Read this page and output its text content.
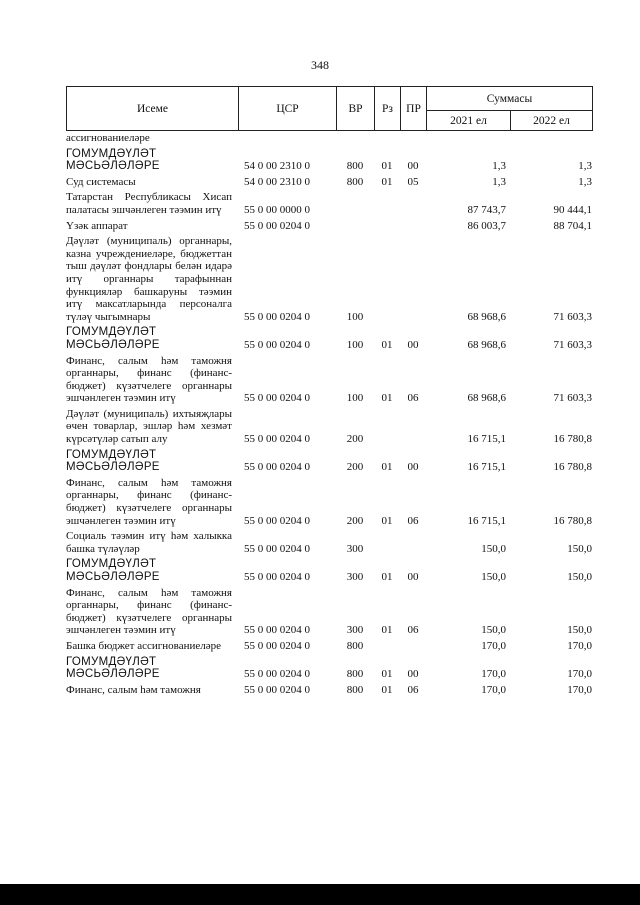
348
Исеме	ЦСР	ВР	Рз	ПР	Суммасы	
					2021 ел	2022 ел
ассигнованиеләре						
ГОМУМДӘҮЛӘТ МӘСЬӘЛӘЛӘРЕ	54 0 00 2310 0	800	01	00	1,3	1,3
Суд системасы	54 0 00 2310 0	800	01	05	1,3	1,3
Татарстан Республикасы Хисап палатасы эшчәнлеген тәэмин итү	55 0 00 0000 0				87 743,7	90 444,1
Үзәк аппарат	55 0 00 0204 0				86 003,7	88 704,1
Дәүләт (муниципаль) органнары, казна учреждениеләре, бюджеттан тыш дәүләт фондлары белән идарә итү органнары тарафыннан функцияләр башкаруны тәэмин итү максатларында персоналга түләү чыгымнары	55 0 00 0204 0	100			68 968,6	71 603,3
ГОМУМДӘҮЛӘТ МӘСЬӘЛӘЛӘРЕ	55 0 00 0204 0	100	01	00	68 968,6	71 603,3
Финанс, салым һәм таможня органнары, финанс (финанс-бюджет) күзәтчелеге органнары эшчәнлеген тәэмин итү	55 0 00 0204 0	100	01	06	68 968,6	71 603,3
Дәүләт (муниципаль) ихтыяҗлары өчен товарлар, эшләр һәм хезмәт күрсәтүләр сатып алу	55 0 00 0204 0	200			16 715,1	16 780,8
ГОМУМДӘҮЛӘТ МӘСЬӘЛӘЛӘРЕ	55 0 00 0204 0	200	01	00	16 715,1	16 780,8
Финанс, салым һәм таможня органнары, финанс (финанс-бюджет) күзәтчелеге органнары эшчәнлеген тәэмин итү	55 0 00 0204 0	200	01	06	16 715,1	16 780,8
Социаль тәэмин итү һәм халыкка башка түләүләр	55 0 00 0204 0	300			150,0	150,0
ГОМУМДӘҮЛӘТ МӘСЬӘЛӘЛӘРЕ	55 0 00 0204 0	300	01	00	150,0	150,0
Финанс, салым һәм таможня органнары, финанс (финанс-бюджет) күзәтчелеге органнары эшчәнлеген тәэмин итү	55 0 00 0204 0	300	01	06	150,0	150,0
Башка бюджет ассигнованиеләре	55 0 00 0204 0	800			170,0	170,0
ГОМУМДӘҮЛӘТ МӘСЬӘЛӘЛӘРЕ	55 0 00 0204 0	800	01	00	170,0	170,0
Финанс, салым һәм таможня	55 0 00 0204 0	800	01	06	170,0	170,0
